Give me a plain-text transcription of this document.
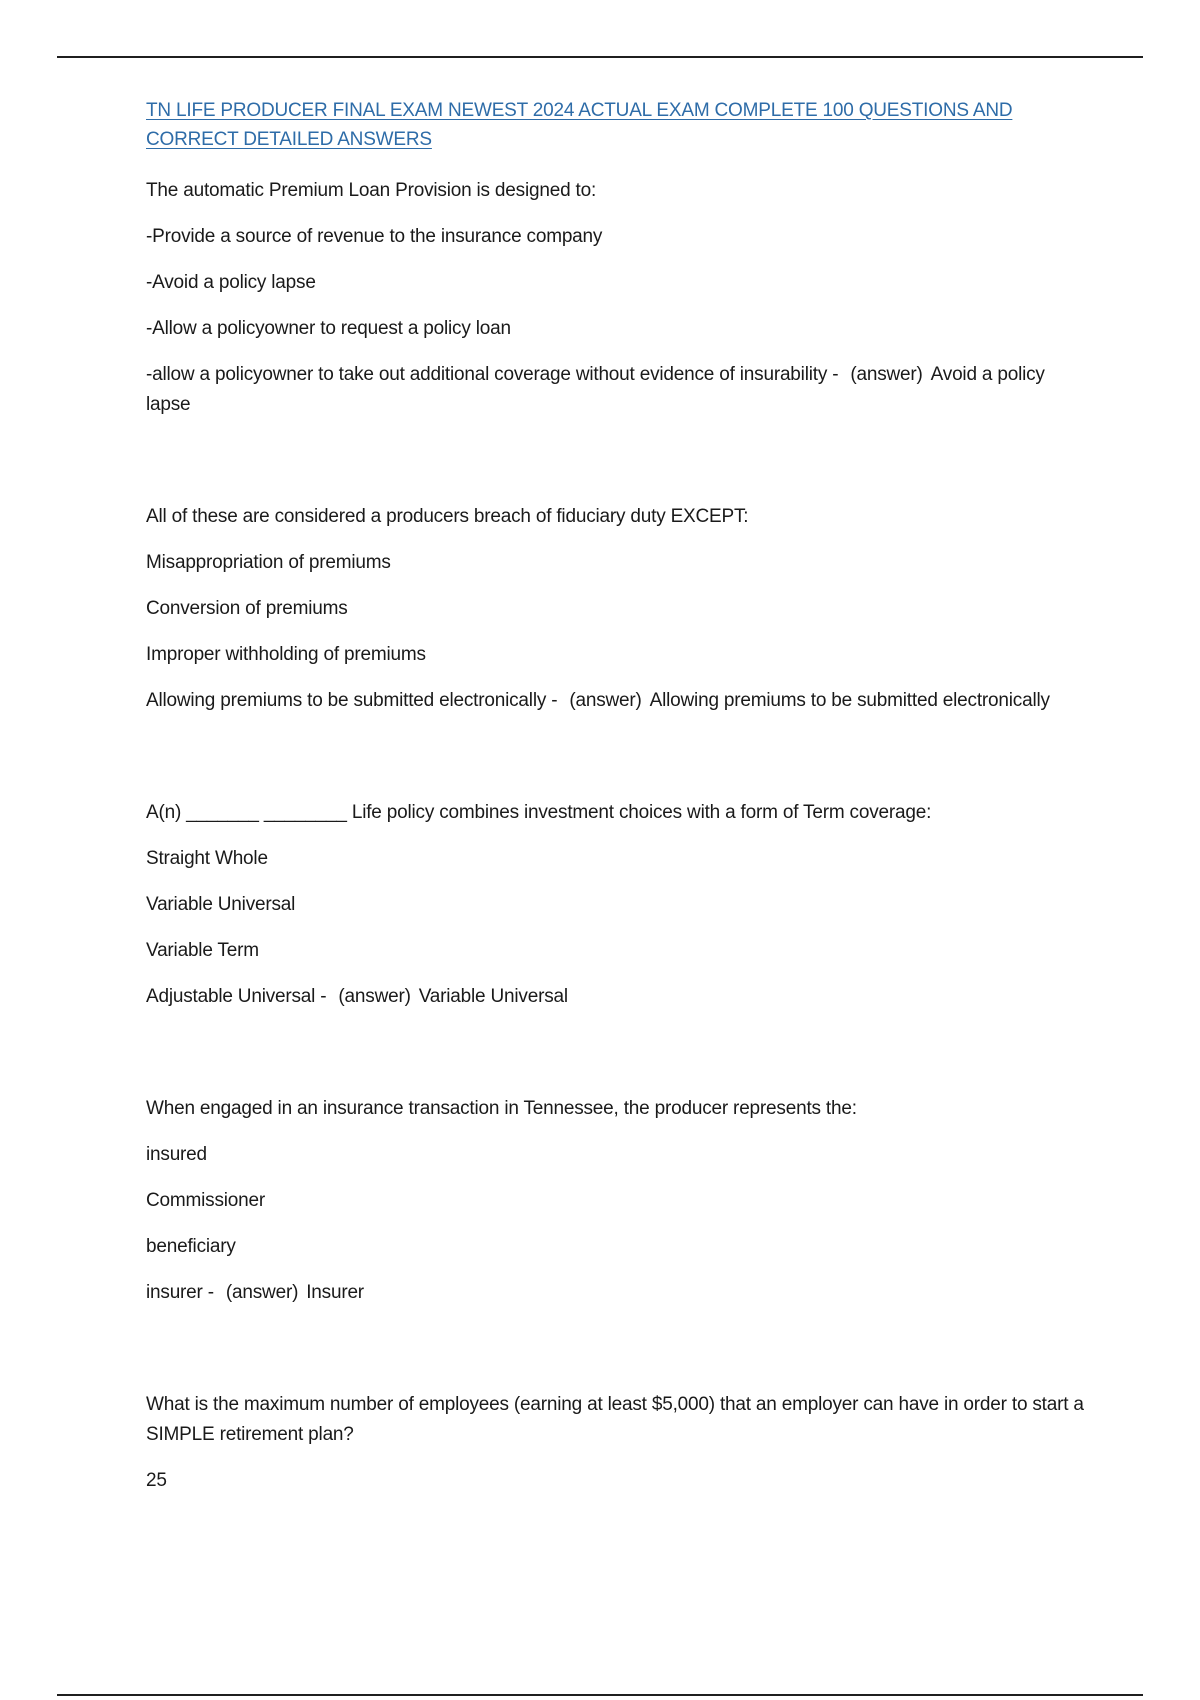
TN LIFE PRODUCER FINAL EXAM NEWEST 2024 ACTUAL EXAM COMPLETE 100 QUESTIONS AND CORRECT DETAILED ANSWERS

The automatic Premium Loan Provision is designed to:

-Provide a source of revenue to the insurance company

-Avoid a policy lapse

-Allow a policyowner to request a policy loan

-allow a policyowner to take out additional coverage without evidence of insurability - (answer) Avoid a policy lapse

All of these are considered a producers breach of fiduciary duty EXCEPT:

Misappropriation of premiums

Conversion of premiums

Improper withholding of premiums

Allowing premiums to be submitted electronically - (answer) Allowing premiums to be submitted electronically

A(n) _______ ________ Life policy combines investment choices with a form of Term coverage:

Straight Whole

Variable Universal

Variable Term

Adjustable Universal - (answer) Variable Universal

When engaged in an insurance transaction in Tennessee, the producer represents the:

insured

Commissioner

beneficiary

insurer - (answer) Insurer

What is the maximum number of employees (earning at least $5,000) that an employer can have in order to start a SIMPLE retirement plan?

25
